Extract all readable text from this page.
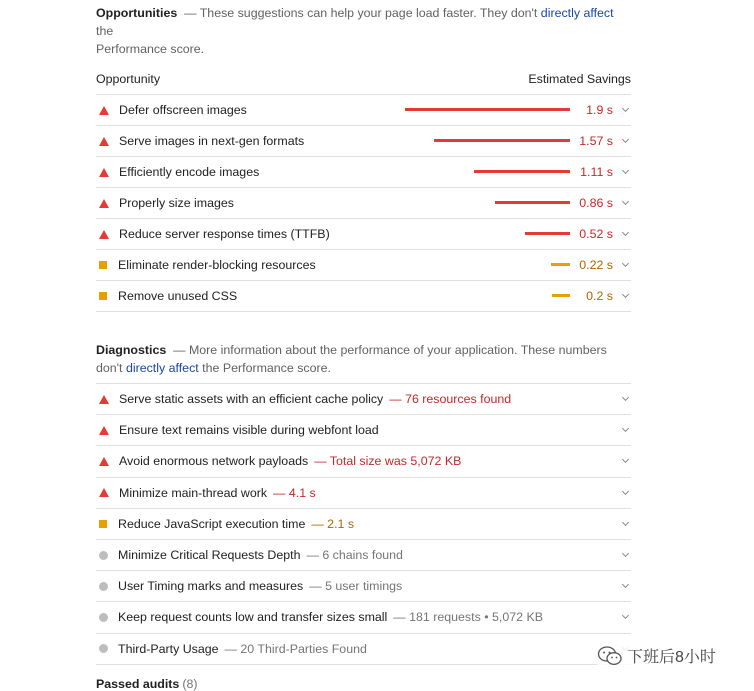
Opportunities — These suggestions can help your page load faster. They don't directly affect the
Performance score.
Opportunity	Estimated Savings
Defer offscreen images	1.9 s
Serve images in next-gen formats	1.57 s
Efficiently encode images	1.11 s
Properly size images	0.86 s
Reduce server response times (TTFB)	0.52 s
Eliminate render-blocking resources	0.22 s
Remove unused CSS	0.2 s
Diagnostics — More information about the performance of your application. These numbers
don't directly affect the Performance score.
Serve static assets with an efficient cache policy — 76 resources found
Ensure text remains visible during webfont load
Avoid enormous network payloads — Total size was 5,072 KB
Minimize main-thread work — 4.1 s
Reduce JavaScript execution time — 2.1 s
Minimize Critical Requests Depth — 6 chains found
User Timing marks and measures — 5 user timings
Keep request counts low and transfer sizes small — 181 requests • 5,072 KB
Third-Party Usage — 20 Third-Parties Found
Passed audits (8)
下班后8小时
